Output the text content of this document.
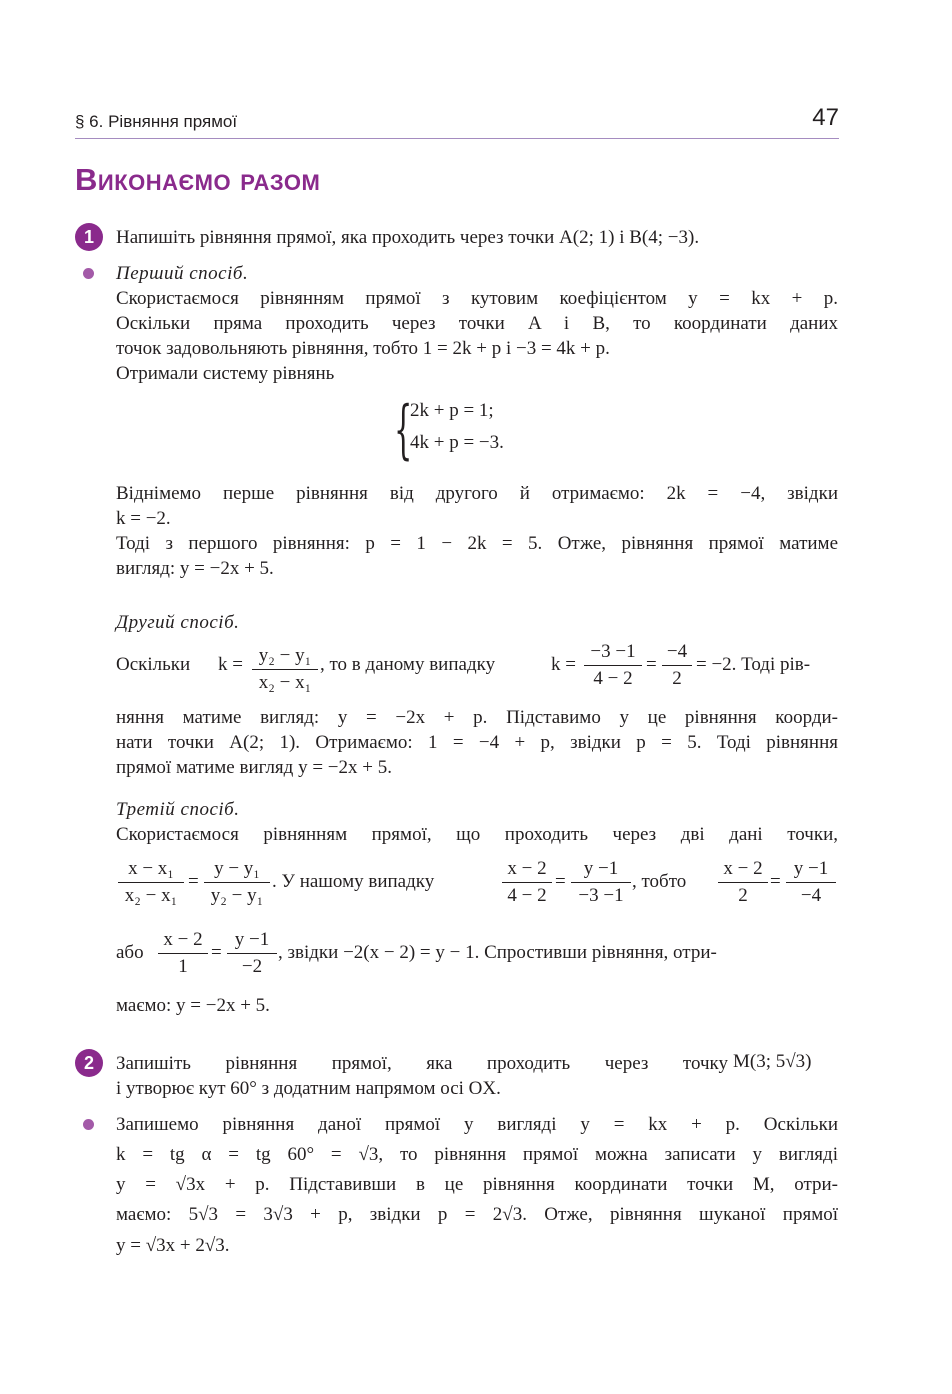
§ 6. Рівняння прямої	47
Виконаємо разом
1	Напишіть рівняння прямої, яка проходить через точки A(2; 1) і B(4; −3).
Перший спосіб.
Скористаємося рівнянням прямої з кутовим коефіцієнтом y = kx + p.
Оскільки пряма проходить через точки A і B, то координати даних
точок задовольняють рівняння, тобто 1 = 2k + p і −3 = 4k + p.
Отримали систему рівнянь
{
2k + p = 1;
4k + p = −3.
Віднімемо перше рівняння від другого й отримаємо: 2k = −4, звідки
k = −2.
Тоді з першого рівняння: p = 1 − 2k = 5. Отже, рівняння прямої матиме
вигляд: y = −2x + 5.
Другий спосіб.
Оскільки $k = \frac{\text{y₂ − y₁}}{\text{x₂ − x₁}}$ , то в даному випадку	$k = \frac{-3 -1}{4 - 2} = \frac{-4}{2} = -2$. Тоді рів-
няння матиме вигляд: y = −2x + p. Підставимо у це рівняння коорди-
нати точки A(2; 1). Отримаємо: 1 = −4 + p, звідки p = 5. Тоді рівняння
прямої матиме вигляд y = −2x + 5.
Третій спосіб.
Скористаємося рівнянням прямої, що проходить через дві дані точки,
$\frac{\text{x − x₁}}{\text{x₂ − x₁}} = \frac{\text{y − y₁}}{\text{y₂ − y₁}}$ . У нашому випадку	$\frac{x - 2}{4 - 2} = \frac{y -1}{-3 -1}$ , тобто $\frac{x - 2}{2} = \frac{y -1}{-4}$
або $\frac{x - 2}{1} = \frac{y -1}{-2}$ , звідки −2(x − 2) = y − 1. Спростивши рівняння, отри-
маємо: y = −2x + 5.
2	Запишіть рівняння прямої, яка проходить через точку M(3; 5√3)
і утворює кут 60° з додатним напрямом осі OX.
Запишемо рівняння даної прямої у вигляді y = kx + p. Оскільки
k = tg α = tg 60° = √3, то рівняння прямої можна записати у вигляді
y = √3x + p. Підставивши в це рівняння координати точки M, отри-
маємо: 5√3 = 3√3 + p, звідки p = 2√3. Отже, рівняння шуканої прямої
y = √3x + 2√3.
